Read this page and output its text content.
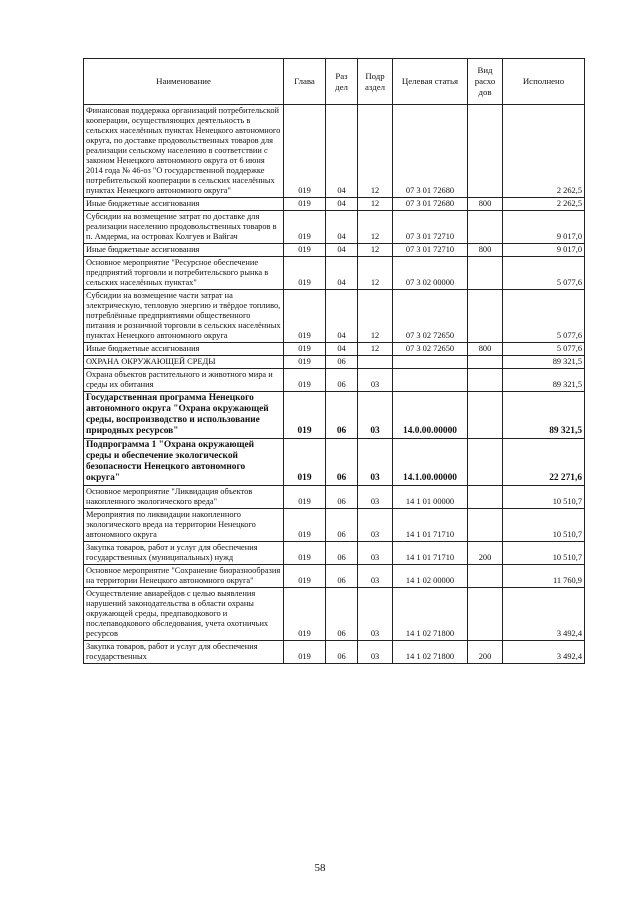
Наименование	Глава	Раз дел	Подр аздел	Целевая статья	Вид расхо дов	Исполнено
Финансовая поддержка организаций потребительской кооперации, осуществляющих деятельность в сельских населённых пунктах Ненецкого автономного округа, по доставке продовольственных товаров для реализации сельскому населению в соответствии с законом Ненецкого автономного округа от 6 июня 2014 года № 46-оз "О государственной поддержке потребительской кооперации в сельских населённых пунктах Ненецкого автономного округа"	019	04	12	07 3 01 72680		2 262,5
Иные бюджетные ассигнования	019	04	12	07 3 01 72680	800	2 262,5
Субсидии на возмещение затрат по доставке для реализации населению продовольственных товаров в п. Амдерма, на островах Колгуев и Вайгач	019	04	12	07 3 01 72710		9 017,0
Иные бюджетные ассигнования	019	04	12	07 3 01 72710	800	9 017,0
Основное мероприятие "Ресурсное обеспечение предприятий торговли и потребительского рынка в сельских населённых пунктах"	019	04	12	07 3 02 00000		5 077,6
Субсидии на возмещение части затрат на электрическую, тепловую энергию и твёрдое топливо, потреблённые предприятиями общественного питания и розничной торговли в сельских населённых пунктах Ненецкого автономного округа	019	04	12	07 3 02 72650		5 077,6
Иные бюджетные ассигнования	019	04	12	07 3 02 72650	800	5 077,6
ОХРАНА ОКРУЖАЮЩЕЙ СРЕДЫ	019	06				89 321,5
Охрана объектов растительного и животного мира и среды их обитания	019	06	03			89 321,5
Государственная программа Ненецкого автономного округа "Охрана окружающей среды, воспроизводство и использование природных ресурсов"	019	06	03	14.0.00.00000		89 321,5
Подпрограмма 1 "Охрана окружающей среды и обеспечение экологической безопасности Ненецкого автономного округа"	019	06	03	14.1.00.00000		22 271,6
Основное мероприятие "Ликвидация объектов накопленного экологического вреда"	019	06	03	14 1 01 00000		10 510,7
Мероприятия по ликвидации накопленного экологического вреда на территории Ненецкого автономного округа	019	06	03	14 1 01 71710		10 510,7
Закупка товаров, работ и услуг для обеспечения государственных (муниципальных) нужд	019	06	03	14 1 01 71710	200	10 510,7
Основное мероприятие "Сохранение биоразнообразия на территории Ненецкого автономного округа"	019	06	03	14 1 02 00000		11 760,9
Осуществление авиарейдов с целью выявления нарушений законодательства в области охраны окружающей среды, предпаводкового и послепаводкового обследования, учета охотничьих ресурсов	019	06	03	14 1 02 71800		3 492,4
Закупка товаров, работ и услуг для обеспечения государственных	019	06	03	14 1 02 71800	200	3 492,4
58
